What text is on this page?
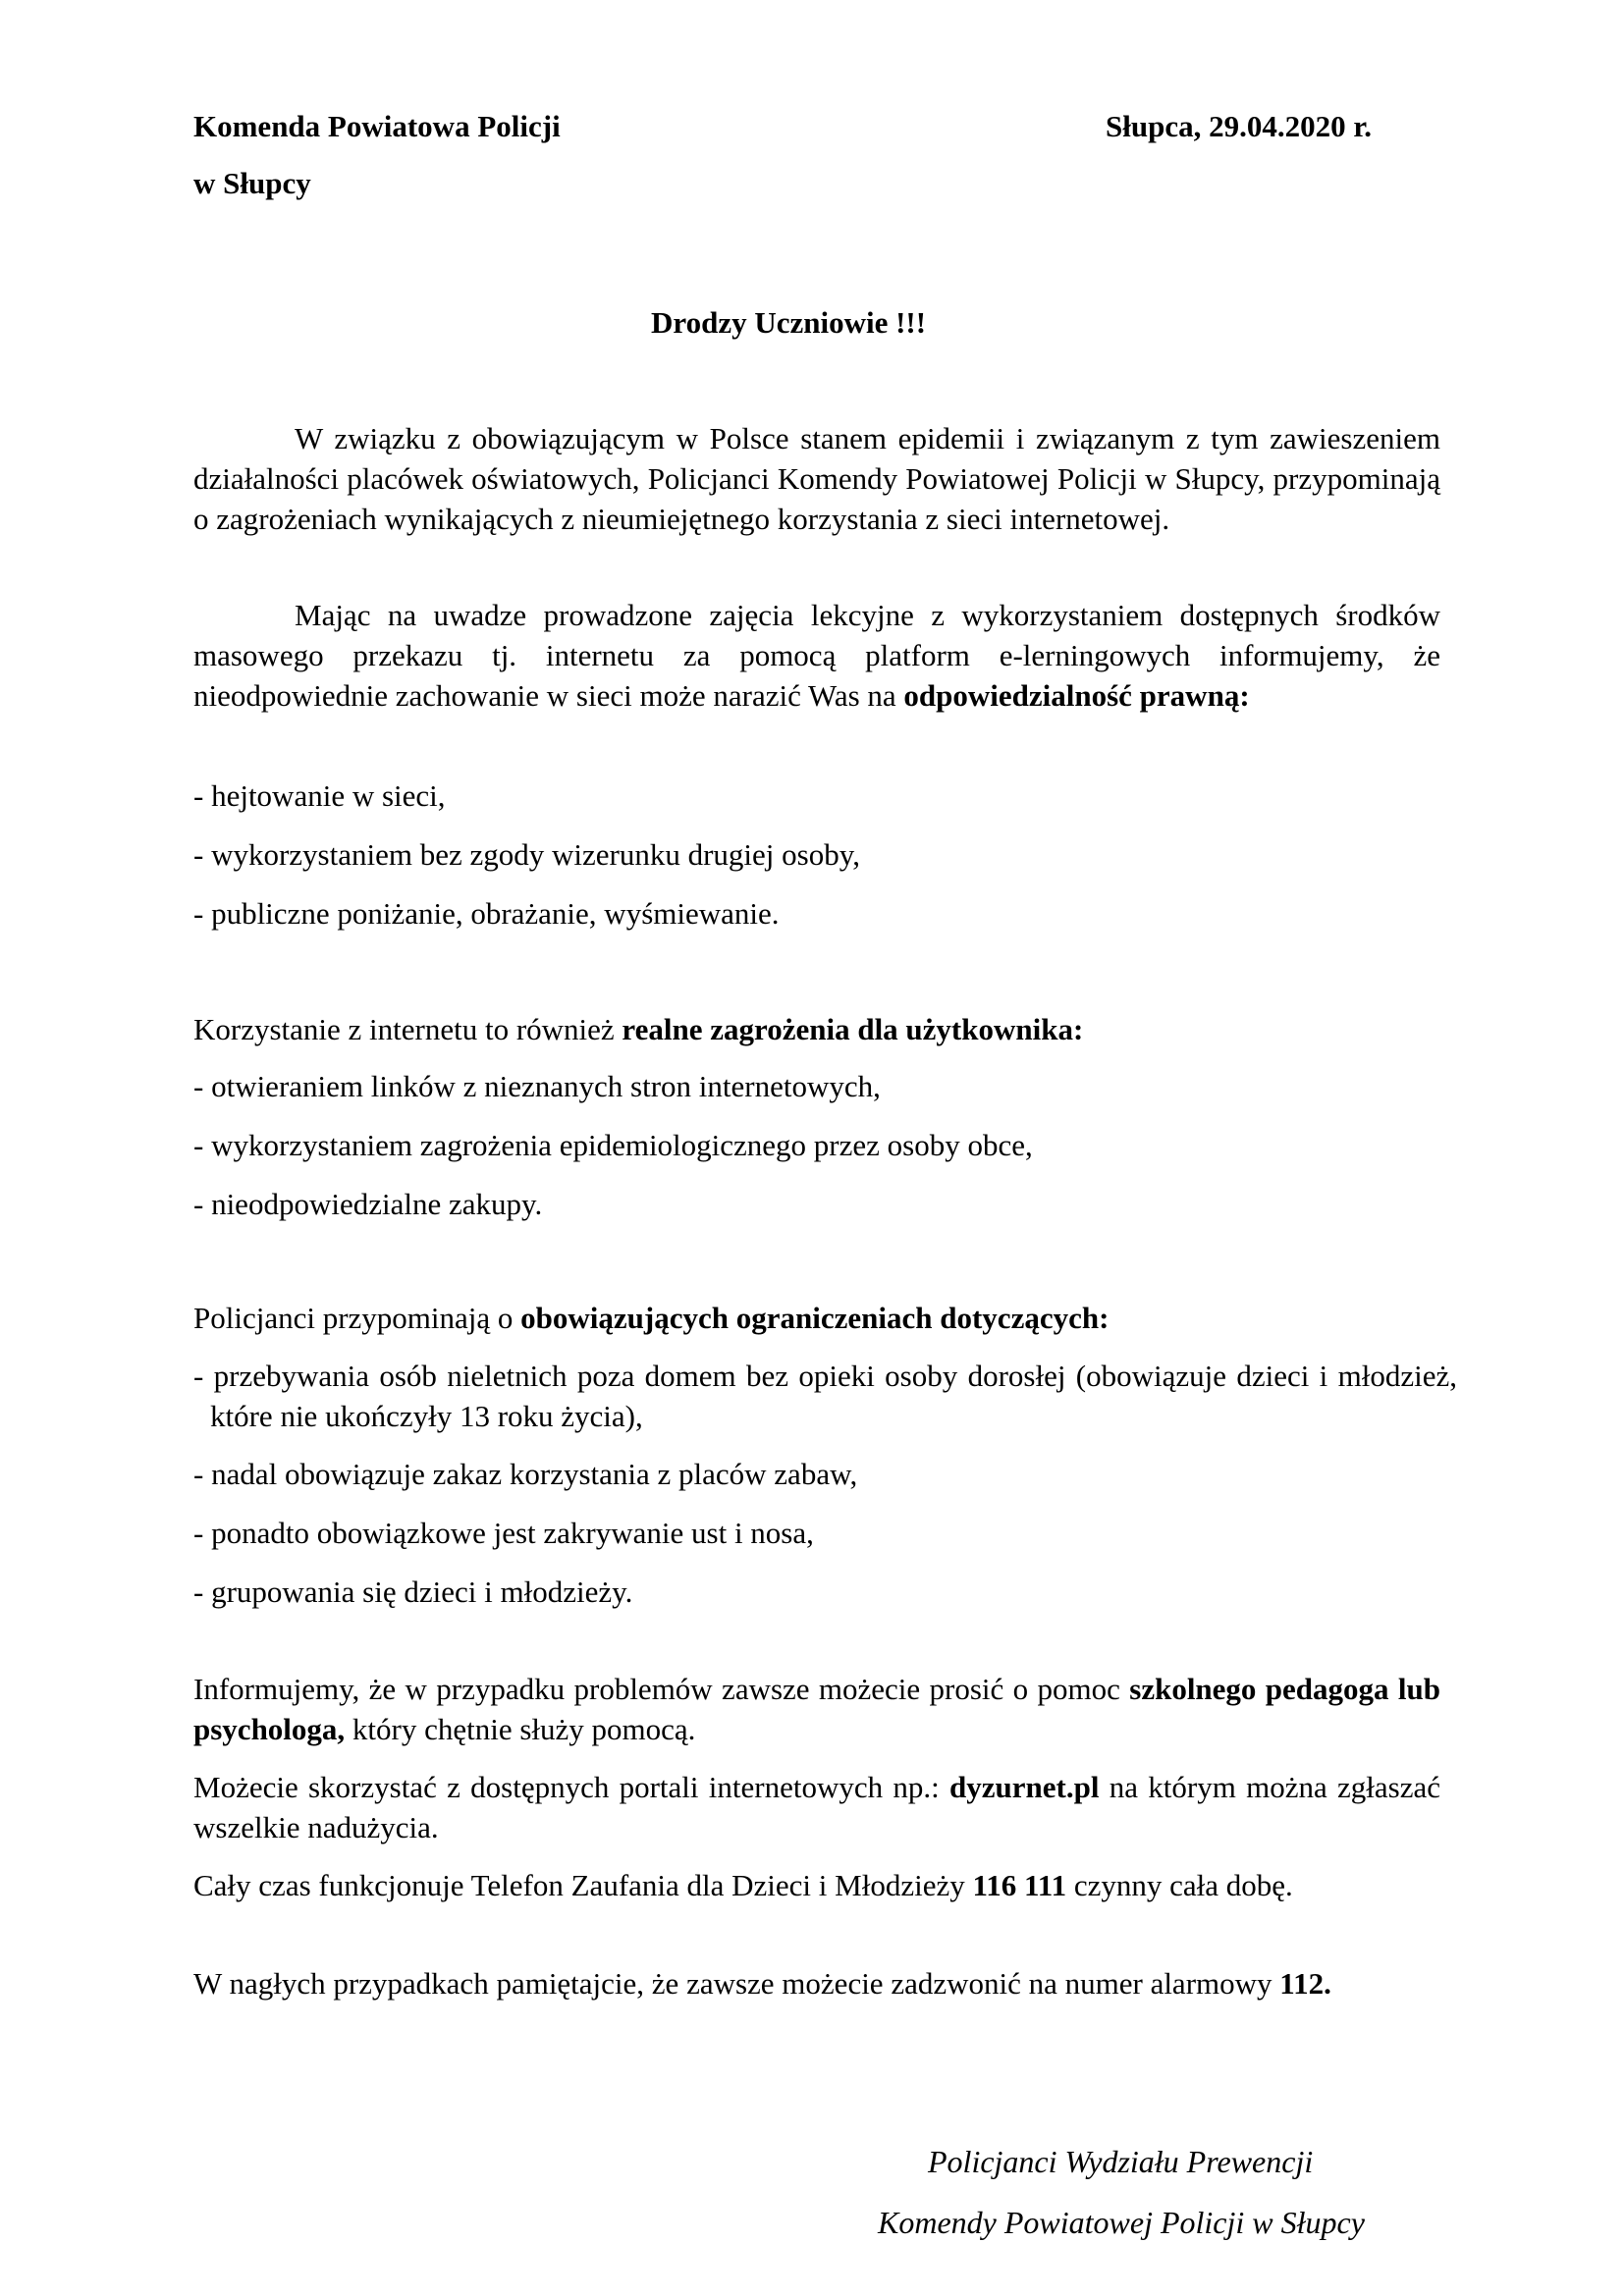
Komenda Powiatowa Policji
w Słupcy
Słupca, 29.04.2020 r.
Drodzy Uczniowie !!!
W związku z obowiązującym w Polsce stanem epidemii i związanym z tym zawieszeniem działalności placówek oświatowych, Policjanci Komendy Powiatowej Policji w Słupcy, przypominają o zagrożeniach wynikających z nieumiejętnego korzystania z sieci internetowej.
Mając na uwadze prowadzone zajęcia lekcyjne z wykorzystaniem dostępnych środków masowego przekazu tj. internetu za pomocą platform e-lerningowych informujemy, że nieodpowiednie zachowanie w sieci może narazić Was na odpowiedzialność prawną:
- hejtowanie w sieci,
- wykorzystaniem bez zgody wizerunku drugiej osoby,
- publiczne poniżanie, obrażanie, wyśmiewanie.
Korzystanie z internetu to również realne zagrożenia dla użytkownika:
- otwieraniem linków z nieznanych stron internetowych,
- wykorzystaniem zagrożenia epidemiologicznego przez osoby obce,
- nieodpowiedzialne zakupy.
Policjanci przypominają o obowiązujących ograniczeniach dotyczących:
- przebywania osób nieletnich poza domem bez opieki osoby dorosłej (obowiązuje dzieci i młodzież, które nie ukończyły 13 roku życia),
- nadal obowiązuje zakaz korzystania z placów zabaw,
- ponadto obowiązkowe jest zakrywanie ust i nosa,
- grupowania się dzieci i młodzieży.
Informujemy, że w przypadku problemów zawsze możecie prosić o pomoc szkolnego pedagoga lub psychologa, który chętnie służy pomocą.
Możecie skorzystać z dostępnych portali internetowych np.: dyzurnet.pl na którym można zgłaszać wszelkie nadużycia.
Cały czas funkcjonuje Telefon Zaufania dla Dzieci i Młodzieży 116 111 czynny cała dobę.
W nagłych przypadkach pamiętajcie, że zawsze możecie zadzwonić na numer alarmowy 112.
Policjanci Wydziału Prewencji
Komendy Powiatowej Policji w Słupcy
